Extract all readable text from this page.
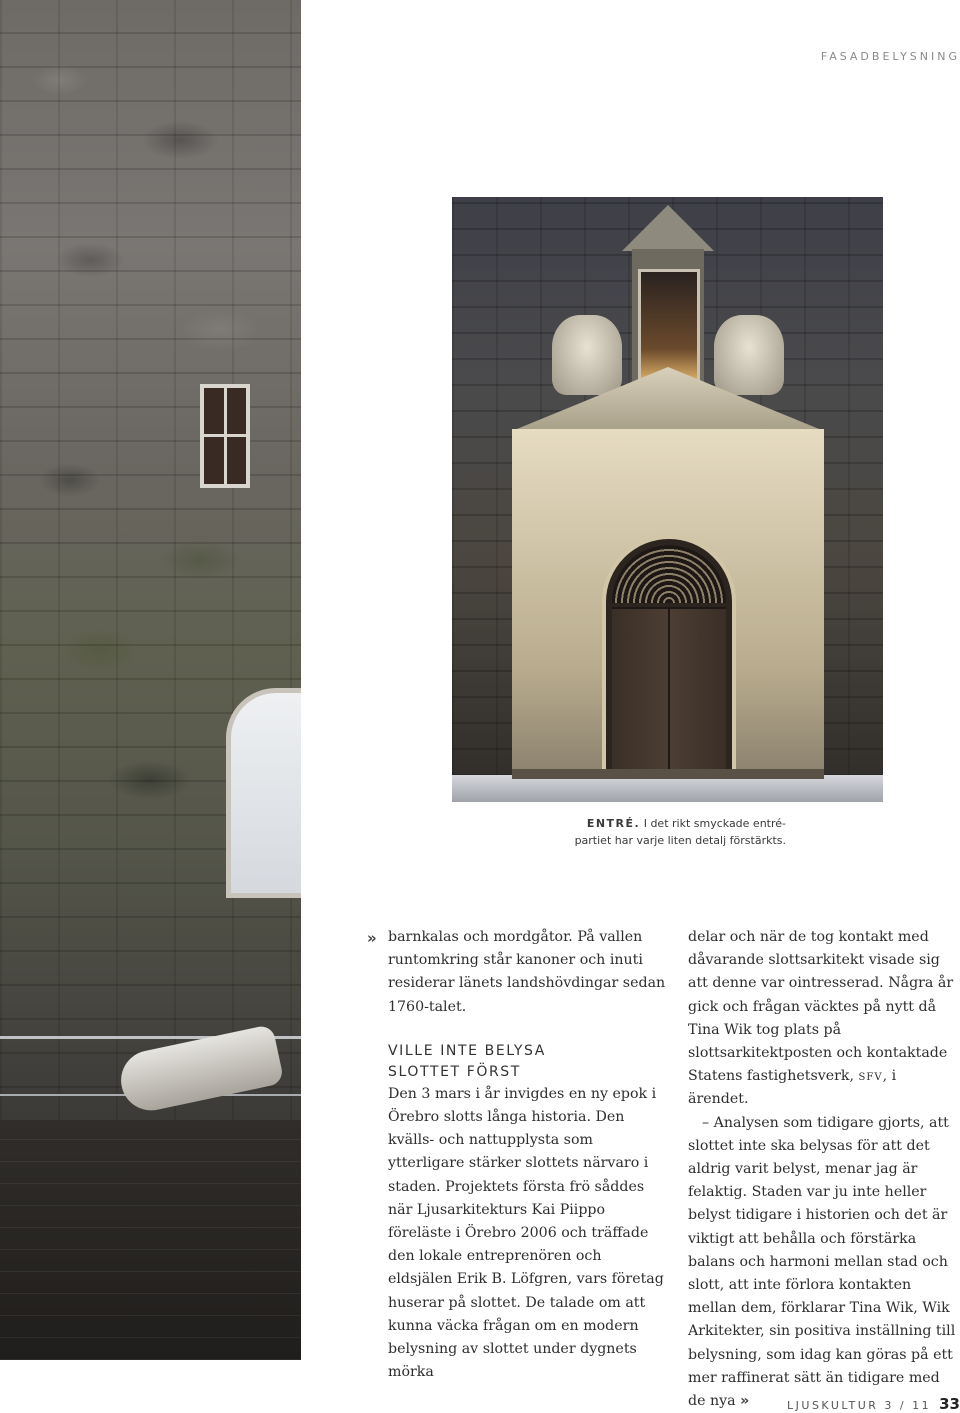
FASADBELYSNING
ENTRÉ. I det rikt smyckade entré-
partiet har varje liten detalj förstärkts.
» barnkalas och mordgåtor. På vallen runtomkring står kanoner och inuti residerar länets landshövdingar sedan 1760-talet.

VILLE INTE BELYSA
SLOTTET FÖRST

Den 3 mars i år invigdes en ny epok i Örebro slotts långa historia. Den kvälls- och nattupplysta som ytterligare stärker slottets närvaro i staden. Projektets första frö såddes när Ljusarkitekturs Kai Piippo föreläste i Örebro 2006 och träffade den lokale entreprenören och eldsjälen Erik B. Löfgren, vars företag huserar på slottet. De talade om att kunna väcka frågan om en modern belysning av slottet under dygnets mörka

delar och när de tog kontakt med dåvarande slottsarkitekt visade sig att denne var ointresserad. Några år gick och frågan väcktes på nytt då Tina Wik tog plats på slottsarkitektposten och kontaktade Statens fastighetsverk, sfv, i ärendet.

– Analysen som tidigare gjorts, att slottet inte ska belysas för att det aldrig varit belyst, menar jag är felaktig. Staden var ju inte heller belyst tidigare i historien och det är viktigt att behålla och förstärka balans och harmoni mellan stad och slott, att inte förlora kontakten mellan dem, förklarar Tina Wik, Wik Arkitekter, sin positiva inställning till belysning, som idag kan göras på ett mer raffinerat sätt än tidigare med de nya »	LJUSKULTUR 3 / 11 33
